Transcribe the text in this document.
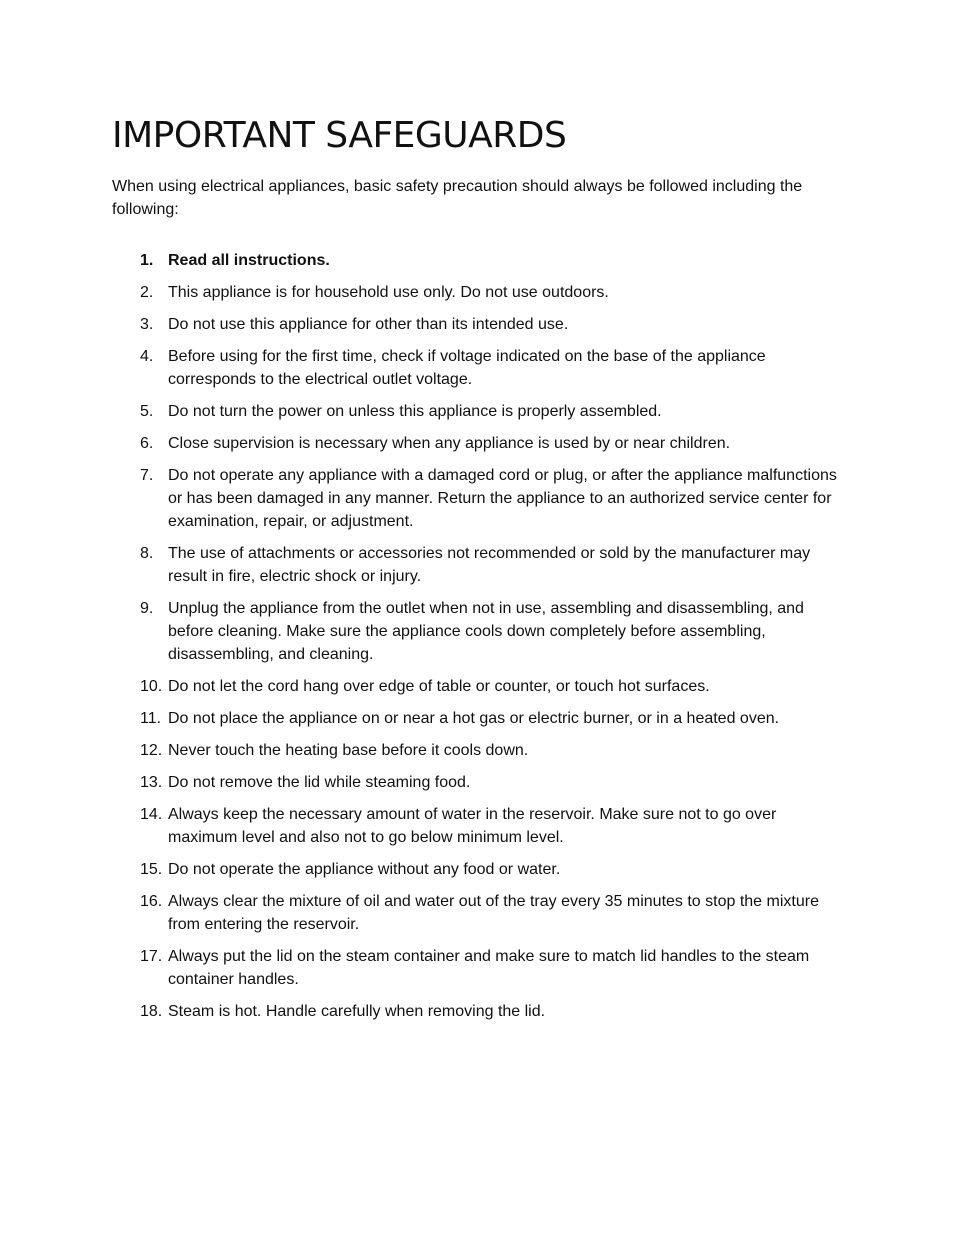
IMPORTANT SAFEGUARDS

When using electrical appliances, basic safety precaution should always be followed including the following:

1. Read all instructions.
2. This appliance is for household use only. Do not use outdoors.
3. Do not use this appliance for other than its intended use.
4. Before using for the first time, check if voltage indicated on the base of the appliance corresponds to the electrical outlet voltage.
5. Do not turn the power on unless this appliance is properly assembled.
6. Close supervision is necessary when any appliance is used by or near children.
7. Do not operate any appliance with a damaged cord or plug, or after the appliance malfunctions or has been damaged in any manner. Return the appliance to an authorized service center for examination, repair, or adjustment.
8. The use of attachments or accessories not recommended or sold by the manufacturer may result in fire, electric shock or injury.
9. Unplug the appliance from the outlet when not in use, assembling and disassembling, and before cleaning. Make sure the appliance cools down completely before assembling, disassembling, and cleaning.
10. Do not let the cord hang over edge of table or counter, or touch hot surfaces.
11. Do not place the appliance on or near a hot gas or electric burner, or in a heated oven.
12. Never touch the heating base before it cools down.
13. Do not remove the lid while steaming food.
14. Always keep the necessary amount of water in the reservoir. Make sure not to go over maximum level and also not to go below minimum level.
15. Do not operate the appliance without any food or water.
16. Always clear the mixture of oil and water out of the tray every 35 minutes to stop the mixture from entering the reservoir.
17. Always put the lid on the steam container and make sure to match lid handles to the steam container handles.
18. Steam is hot. Handle carefully when removing the lid.
